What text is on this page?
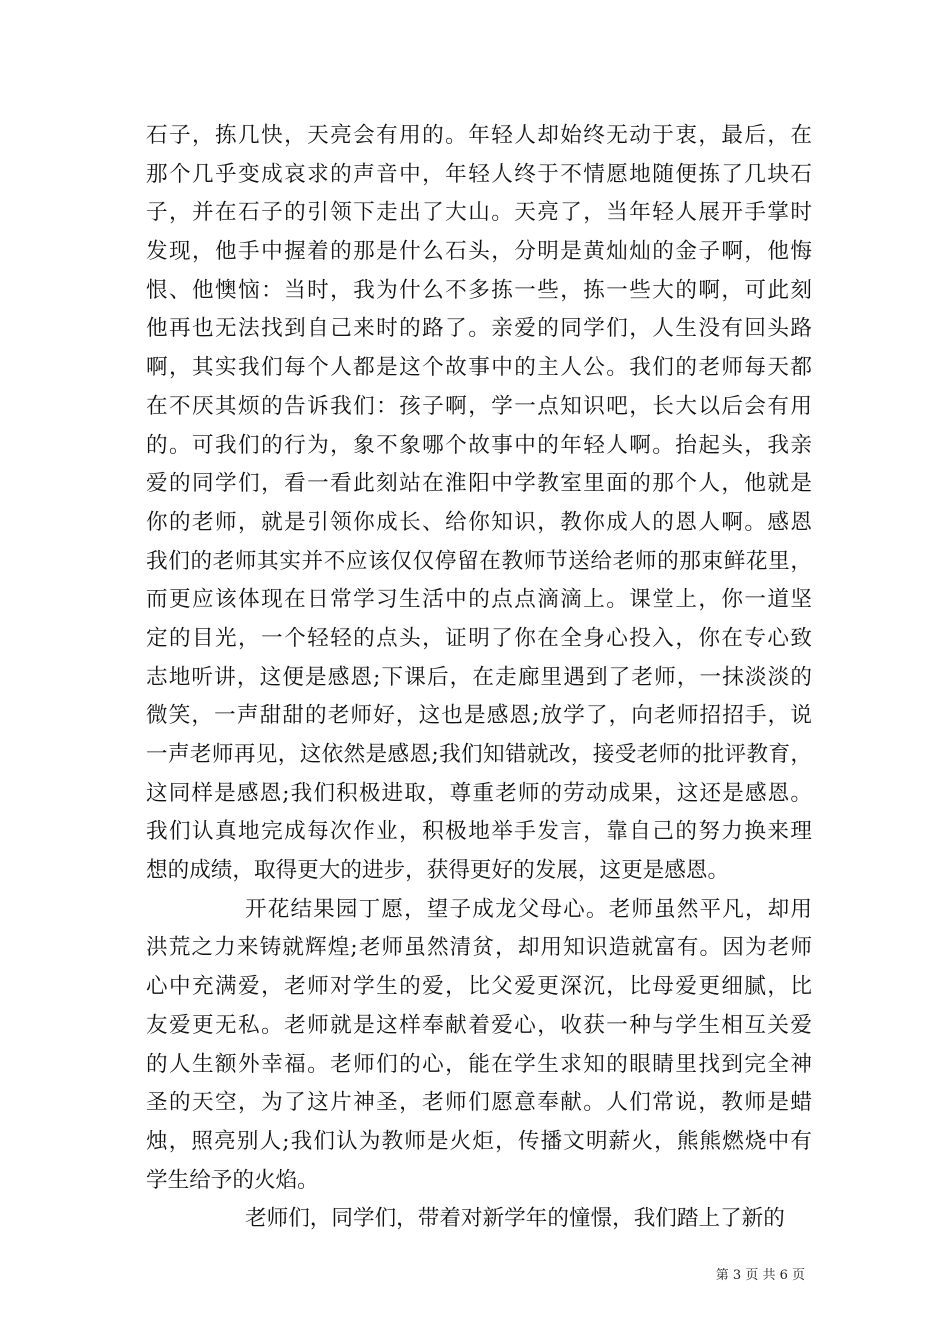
石子，拣几快，天亮会有用的。年轻人却始终无动于衷，最后，在
那个几乎变成哀求的声音中，年轻人终于不情愿地随便拣了几块石
子，并在石子的引领下走出了大山。天亮了，当年轻人展开手掌时
发现，他手中握着的那是什么石头，分明是黄灿灿的金子啊，他悔
恨、他懊恼：当时，我为什么不多拣一些，拣一些大的啊，可此刻
他再也无法找到自己来时的路了。亲爱的同学们，人生没有回头路
啊，其实我们每个人都是这个故事中的主人公。我们的老师每天都
在不厌其烦的告诉我们：孩子啊，学一点知识吧，长大以后会有用
的。可我们的行为，象不象哪个故事中的年轻人啊。抬起头，我亲
爱的同学们，看一看此刻站在淮阳中学教室里面的那个人，他就是
你的老师，就是引领你成长、给你知识，教你成人的恩人啊。感恩
我们的老师其实并不应该仅仅停留在教师节送给老师的那束鲜花里，
而更应该体现在日常学习生活中的点点滴滴上。课堂上，你一道坚
定的目光，一个轻轻的点头，证明了你在全身心投入，你在专心致
志地听讲，这便是感恩;下课后，在走廊里遇到了老师，一抹淡淡的
微笑，一声甜甜的老师好，这也是感恩;放学了，向老师招招手，说
一声老师再见，这依然是感恩;我们知错就改，接受老师的批评教育，
这同样是感恩;我们积极进取，尊重老师的劳动成果，这还是感恩。
我们认真地完成每次作业，积极地举手发言，靠自己的努力换来理
想的成绩，取得更大的进步，获得更好的发展，这更是感恩。
开花结果园丁愿，望子成龙父母心。老师虽然平凡，却用
洪荒之力来铸就辉煌;老师虽然清贫，却用知识造就富有。因为老师
心中充满爱，老师对学生的爱，比父爱更深沉，比母爱更细腻，比
友爱更无私。老师就是这样奉献着爱心，收获一种与学生相互关爱
的人生额外幸福。老师们的心，能在学生求知的眼睛里找到完全神
圣的天空，为了这片神圣，老师们愿意奉献。人们常说，教师是蜡
烛，照亮别人;我们认为教师是火炬，传播文明薪火，熊熊燃烧中有
学生给予的火焰。
老师们，同学们，带着对新学年的憧憬，我们踏上了新的
第 3 页 共 6 页
